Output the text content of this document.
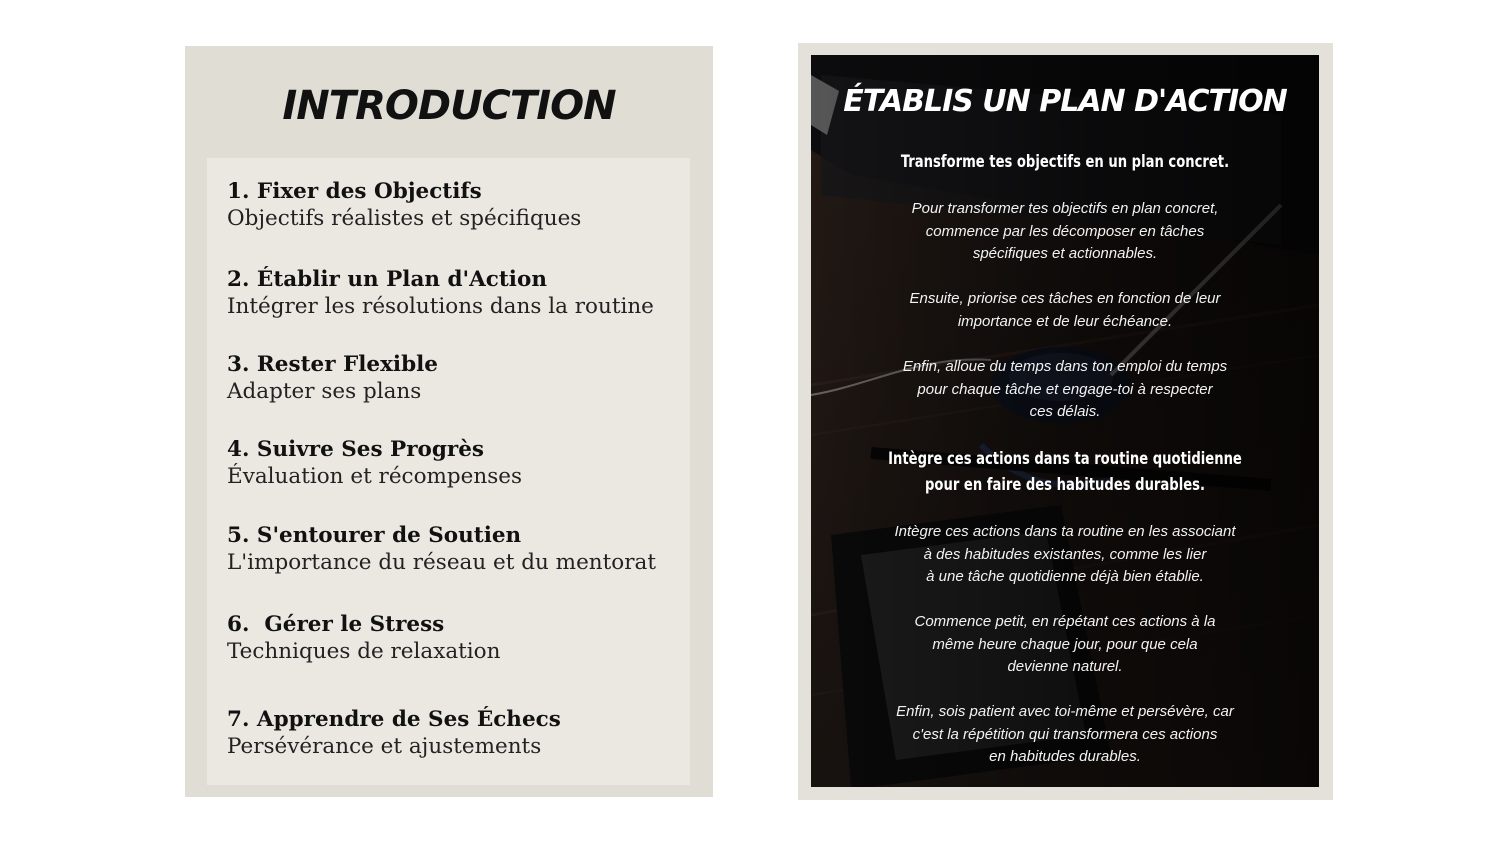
INTRODUCTION

1. Fixer des Objectifs

Objectifs réalistes et spécifiques

2. Établir un Plan d'Action

Intégrer les résolutions dans la routine

3. Rester Flexible

Adapter ses plans

4. Suivre Ses Progrès

Évaluation et récompenses

5. S'entourer de Soutien

L'importance du réseau et du mentorat

6.  Gérer le Stress

Techniques de relaxation

7. Apprendre de Ses Échecs

Persévérance et ajustements

ÉTABLIS UN PLAN D'ACTION
Transforme tes objectifs en un plan concret.
Pour transformer tes objectifs en plan concret,
commence par les décomposer en tâches
spécifiques et actionnables.
Ensuite, priorise ces tâches en fonction de leur
importance et de leur échéance.
Enfin, alloue du temps dans ton emploi du temps
pour chaque tâche et engage-toi à respecter
ces délais.
Intègre ces actions dans ta routine quotidienne
pour en faire des habitudes durables.
Intègre ces actions dans ta routine en les associant
à des habitudes existantes, comme les lier
à une tâche quotidienne déjà bien établie.
Commence petit, en répétant ces actions à la
même heure chaque jour, pour que cela
devienne naturel.
Enfin, sois patient avec toi-même et persévère, car
c'est la répétition qui transformera ces actions
en habitudes durables.
